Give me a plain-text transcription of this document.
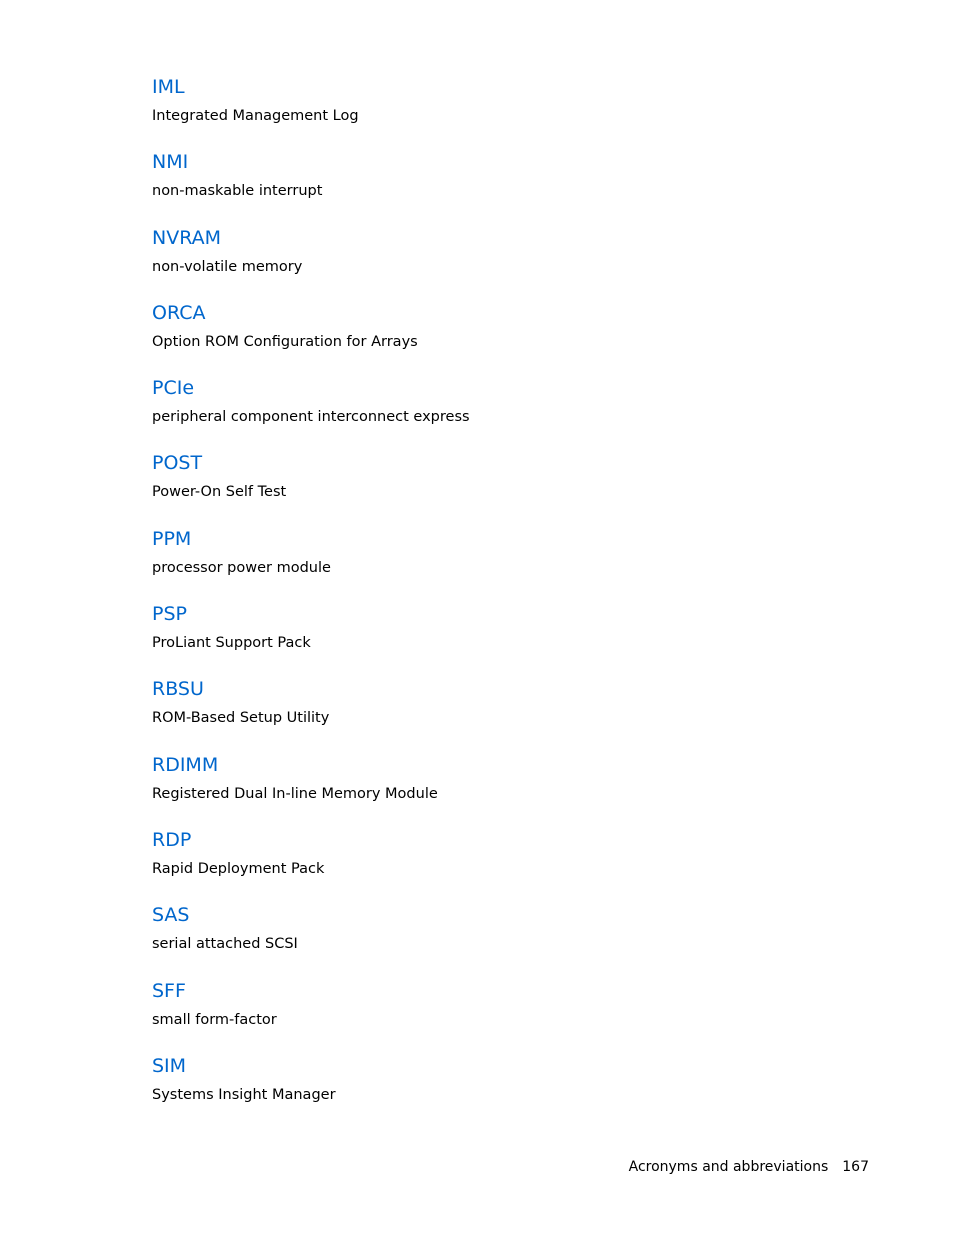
IML
Integrated Management Log
NMI
non-maskable interrupt
NVRAM
non-volatile memory
ORCA
Option ROM Configuration for Arrays
PCIe
peripheral component interconnect express
POST
Power-On Self Test
PPM
processor power module
PSP
ProLiant Support Pack
RBSU
ROM-Based Setup Utility
RDIMM
Registered Dual In-line Memory Module
RDP
Rapid Deployment Pack
SAS
serial attached SCSI
SFF
small form-factor
SIM
Systems Insight Manager
Acronyms and abbreviations 167
